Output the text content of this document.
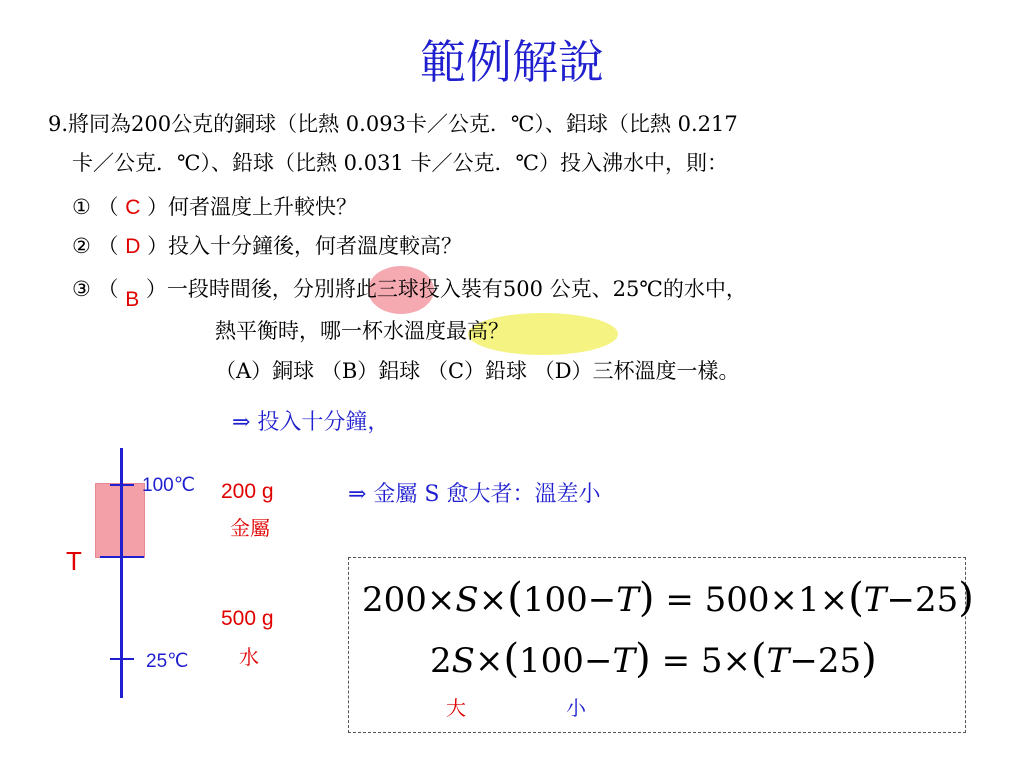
範例解說
9.將同為200公克的銅球（比熱 0.093卡／公克．℃）、鋁球（比熱 0.217
卡／公克．℃）、鉛球（比熱 0.031 卡／公克．℃）投入沸水中，則：
① （ C ）何者溫度上升較快？
② （ D ）投入十分鐘後，何者溫度較高？
③ （ B ）一段時間後，分別將此三球投入裝有500 公克、25℃的水中，
熱平衡時，哪一杯水溫度最高？
（A）銅球 （B）鋁球 （C）鉛球 （D）三杯溫度一樣。
⇒ 投入十分鐘，
⇒ 金屬 S 愈大者：溫差小
100℃
25℃
T
200 g
金屬
500 g
水
200×S×(100−T) = 500×1×(T−25)
2S×(100−T) = 5×(T−25)
大	小
